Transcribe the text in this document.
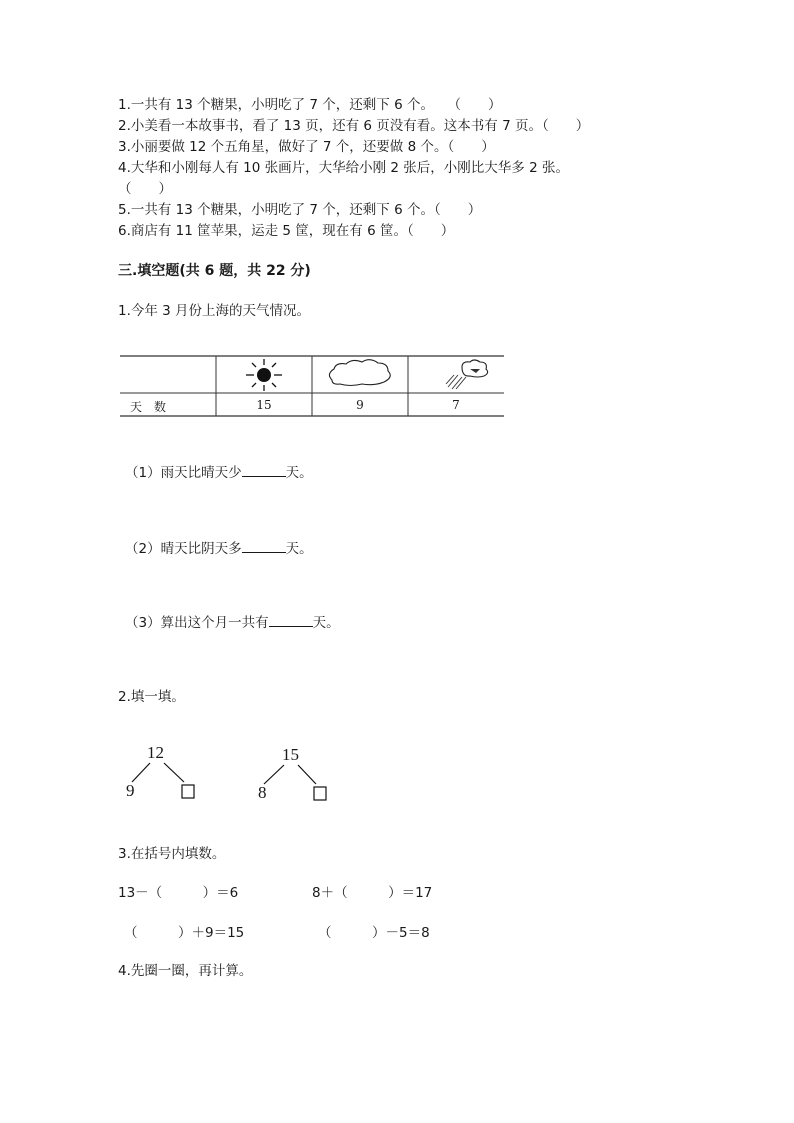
1.一共有 13 个糖果，小明吃了 7 个，还剩下 6 个。　　（　　）
2.小美看一本故事书，看了 13 页，还有 6 页没有看。这本书有 7 页。（　　）
3.小丽要做 12 个五角星，做好了 7 个，还要做 8 个。（　　）
4.大华和小刚每人有 10 张画片，大华给小刚 2 张后，小刚比大华多 2 张。
（　　）
5.一共有 13 个糖果，小明吃了 7 个，还剩下 6 个。（　　）
6.商店有 11 筐苹果，运走 5 筐，现在有 6 筐。（　　）
三.填空题(共 6 题，共 22 分)
1.今年 3 月份上海的天气情况。
天　数	15	9	7
（1）雨天比晴天少	天。
（2）晴天比阴天多	天。
（3）算出这个月一共有	天。
2.填一填。
12
9
15
8
3.在括号内填数。
13－（　　　）＝6	8＋（　　　）＝17
（　　　）＋9＝15	（　　　）－5＝8
4.先圈一圈，再计算。
